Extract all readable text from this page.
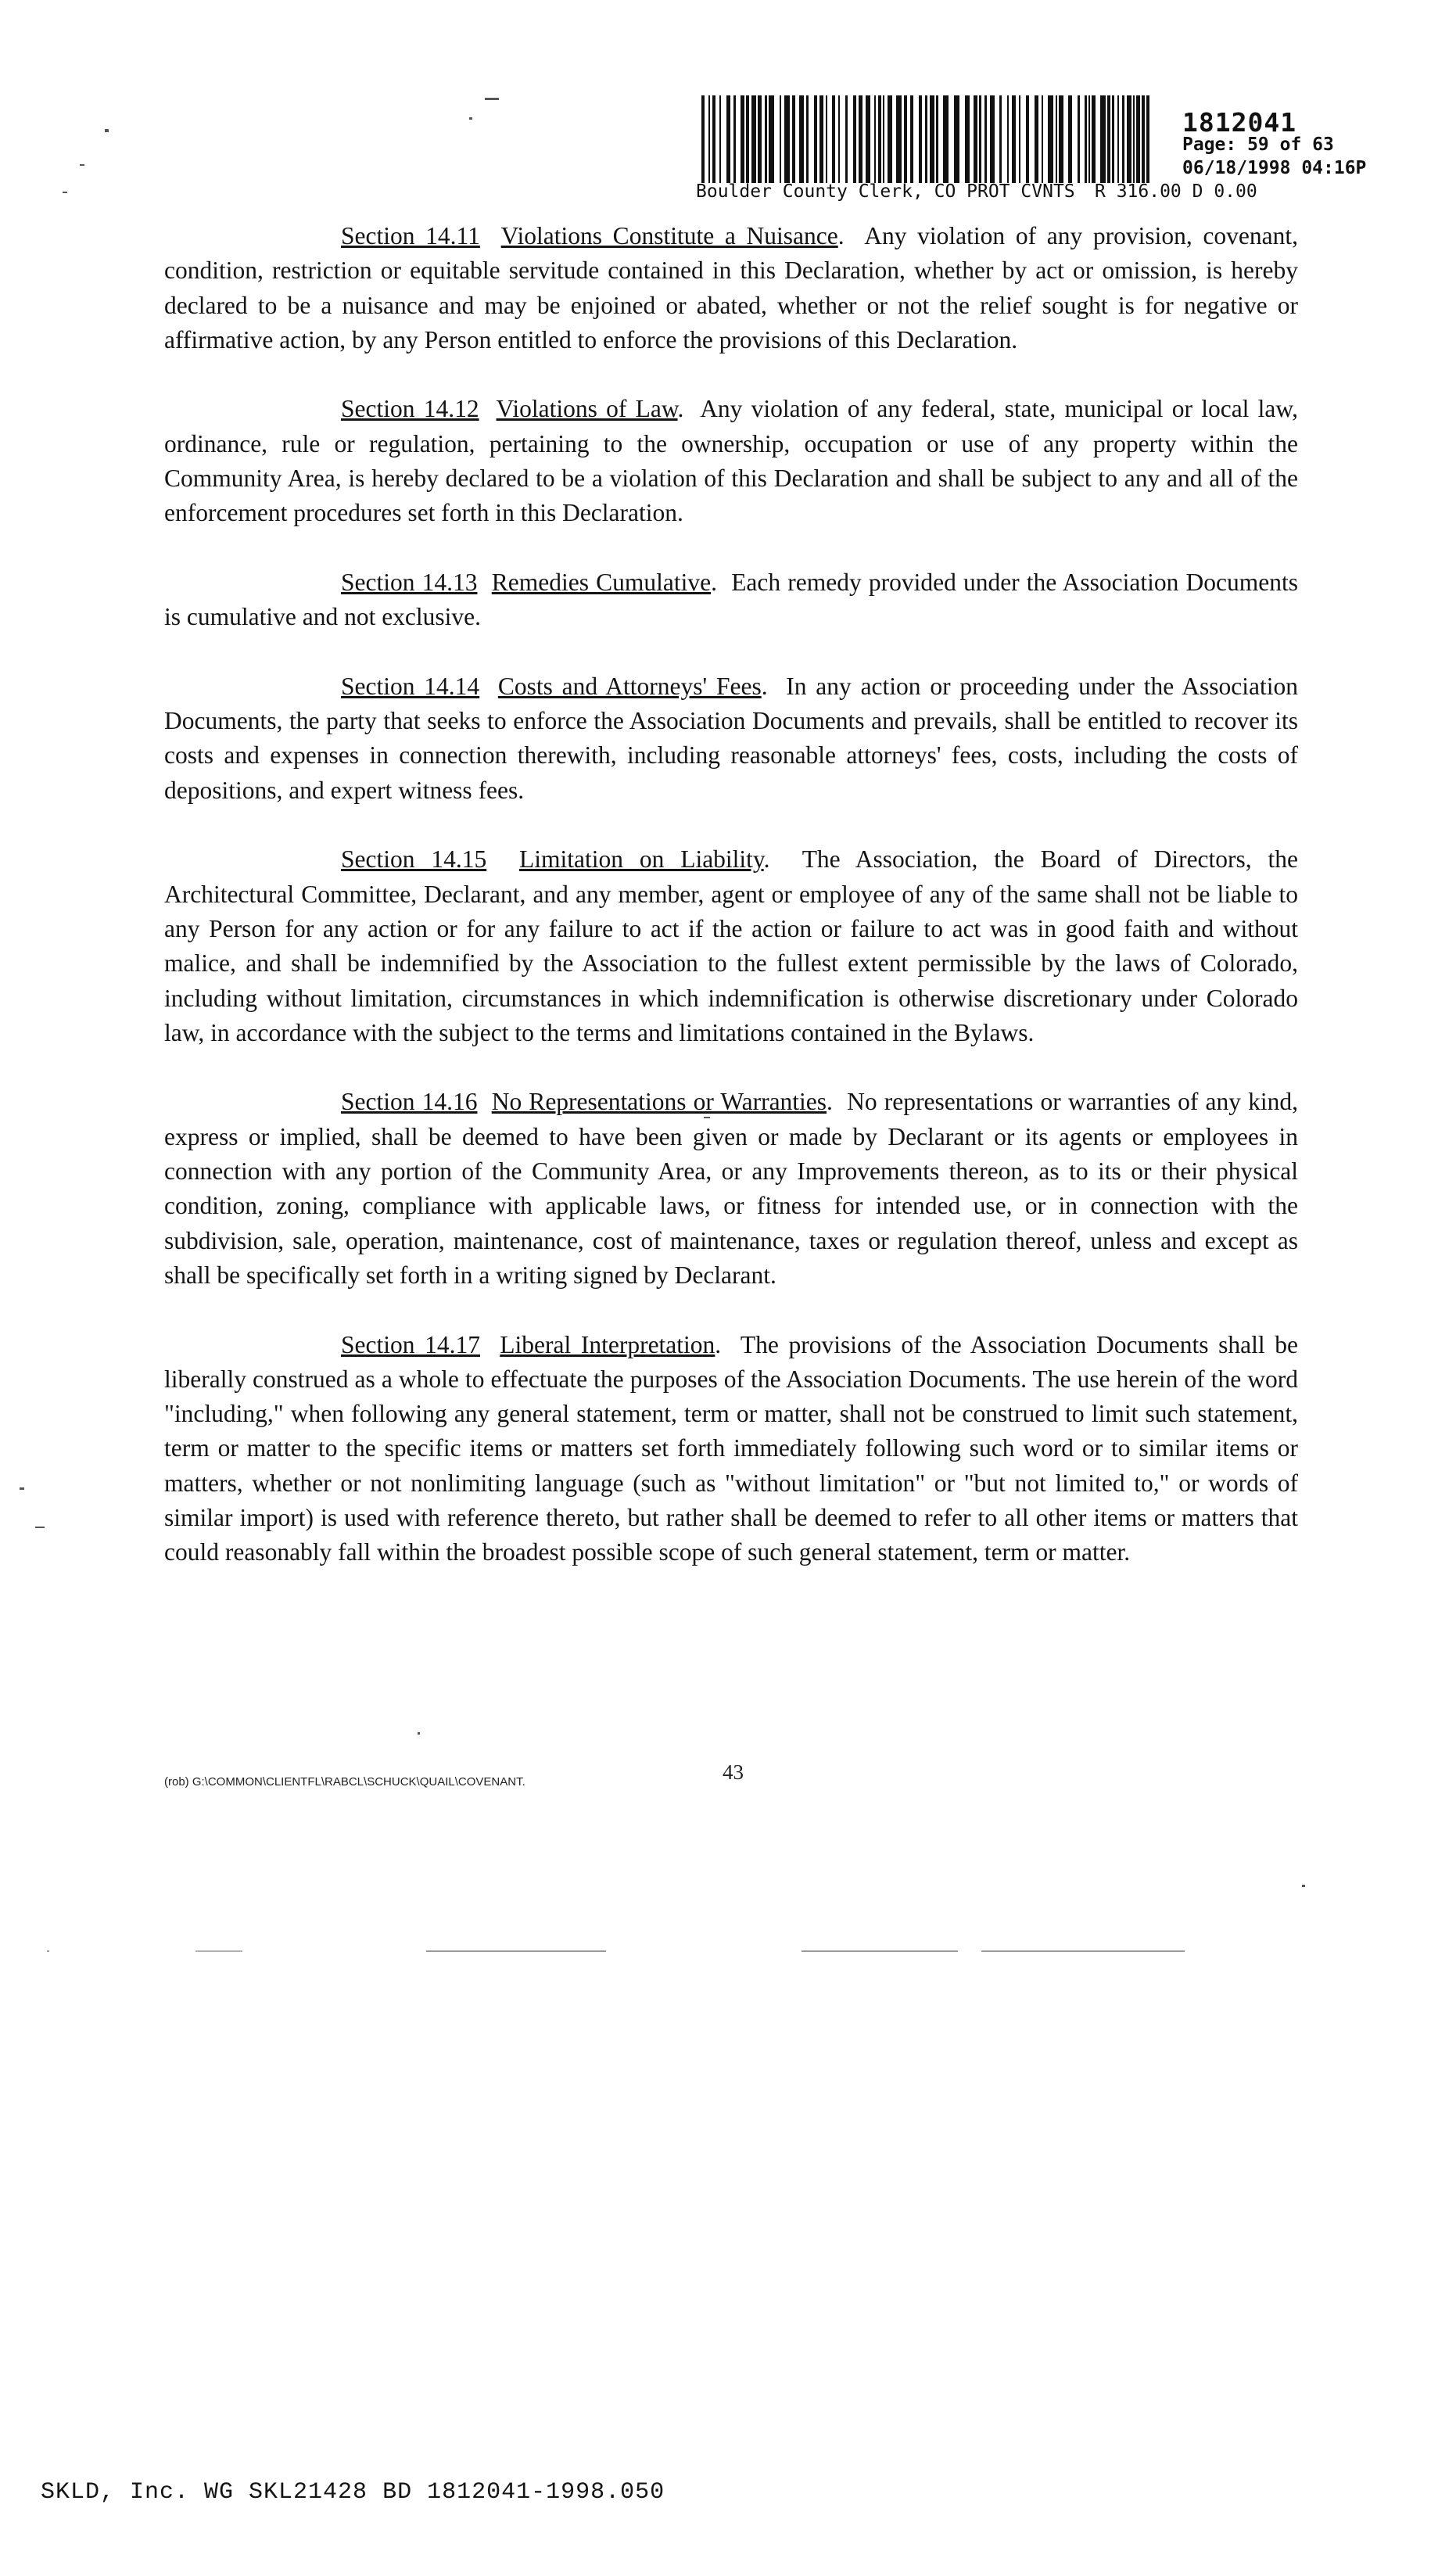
1812041
Page: 59 of 63
06/18/1998 04:16P
Boulder County Clerk, CO PROT CVNTS R 316.00 D 0.00

Section 14.11 Violations Constitute a Nuisance.  Any violation of any provision, covenant, condition, restriction or equitable servitude contained in this Declaration, whether by act or omission, is hereby declared to be a nuisance and may be enjoined or abated, whether or not the relief sought is for negative or affirmative action, by any Person entitled to enforce the provisions of this Declaration.

Section 14.12 Violations of Law.  Any violation of any federal, state, municipal or local law, ordinance, rule or regulation, pertaining to the ownership, occupation or use of any property within the Community Area, is hereby declared to be a violation of this Declaration and shall be subject to any and all of the enforcement procedures set forth in this Declaration.

Section 14.13 Remedies Cumulative.  Each remedy provided under the Association Documents is cumulative and not exclusive.

Section 14.14 Costs and Attorneys' Fees.  In any action or proceeding under the Association Documents, the party that seeks to enforce the Association Documents and prevails, shall be entitled to recover its costs and expenses in connection therewith, including reasonable attorneys' fees, costs, including the costs of depositions, and expert witness fees.

Section 14.15 Limitation on Liability.  The Association, the Board of Directors, the Architectural Committee, Declarant, and any member, agent or employee of any of the same shall not be liable to any Person for any action or for any failure to act if the action or failure to act was in good faith and without malice, and shall be indemnified by the Association to the fullest extent permissible by the laws of Colorado, including without limitation, circumstances in which indemnification is otherwise discretionary under Colorado law, in accordance with the subject to the terms and limitations contained in the Bylaws.

Section 14.16 No Representations or Warranties.  No representations or warranties of any kind, express or implied, shall be deemed to have been given or made by Declarant or its agents or employees in connection with any portion of the Community Area, or any Improvements thereon, as to its or their physical condition, zoning, compliance with applicable laws, or fitness for intended use, or in connection with the subdivision, sale, operation, maintenance, cost of maintenance, taxes or regulation thereof, unless and except as shall be specifically set forth in a writing signed by Declarant.

Section 14.17 Liberal Interpretation.  The provisions of the Association Documents shall be liberally construed as a whole to effectuate the purposes of the Association Documents. The use herein of the word "including," when following any general statement, term or matter, shall not be construed to limit such statement, term or matter to the specific items or matters set forth immediately following such word or to similar items or matters, whether or not nonlimiting language (such as "without limitation" or "but not limited to," or words of similar import) is used with reference thereto, but rather shall be deemed to refer to all other items or matters that could reasonably fall within the broadest possible scope of such general statement, term or matter.

(rob) G:\COMMON\CLIENTFL\RABCL\SCHUCK\QUAIL\COVENANT.	43
SKLD, Inc. WG SKL21428 BD 1812041-1998.050
